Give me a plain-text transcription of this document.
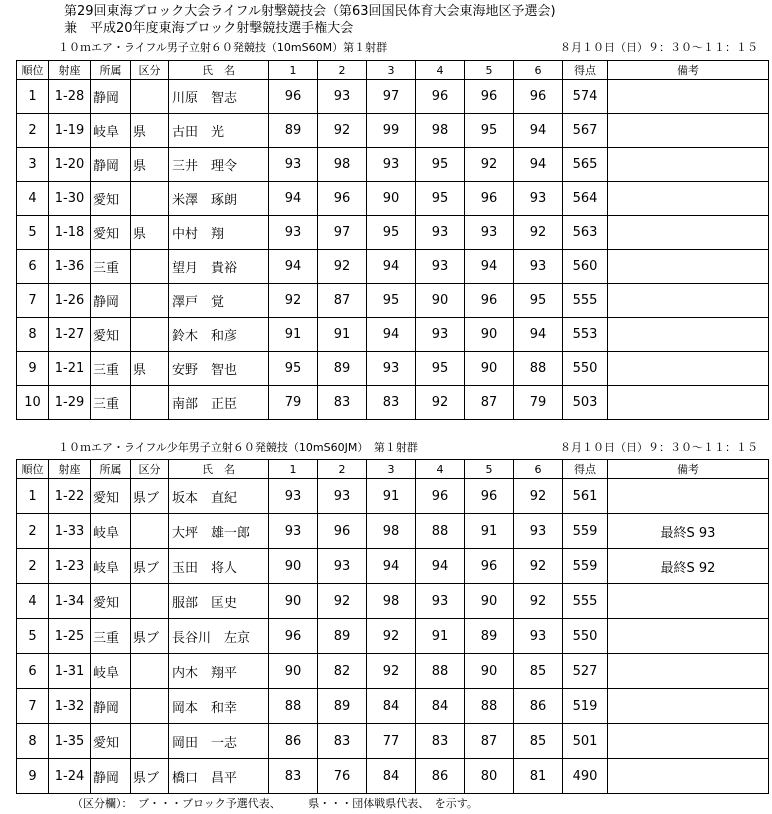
第29回東海ブロック大会ライフル射撃競技会（第63回国民体育大会東海地区予選会)
兼　平成20年度東海ブロック射撃競技選手権大会
１０ｍエア・ライフル男子立射６０発競技（10mS60M）第１射群	８月１０日（日）９：３０～１１：１５
順位	射座	所属	区分	氏　名	1	2	3	4	5	6	得点	備考
1	1-28	静岡		川原　智志	96	93	97	96	96	96	574	
2	1-19	岐阜	県	古田　光	89	92	99	98	95	94	567	
3	1-20	静岡	県	三井　理令	93	98	93	95	92	94	565	
4	1-30	愛知		米澤　琢朗	94	96	90	95	96	93	564	
5	1-18	愛知	県	中村　翔	93	97	95	93	93	92	563	
6	1-36	三重		望月　貴裕	94	92	94	93	94	93	560	
7	1-26	静岡		澤戸　覚	92	87	95	90	96	95	555	
8	1-27	愛知		鈴木　和彦	91	91	94	93	90	94	553	
9	1-21	三重	県	安野　智也	95	89	93	95	90	88	550	
10	1-29	三重		南部　正臣	79	83	83	92	87	79	503	
１０ｍエア・ライフル少年男子立射６０発競技（10mS60JM）　第１射群	８月１０日（日）９：３０～１１：１５
順位	射座	所属	区分	氏　名	1	2	3	4	5	6	得点	備考
1	1-22	愛知	県ブ	坂本　直紀	93	93	91	96	96	92	561	
2	1-33	岐阜		大坪　雄一郎	93	96	98	88	91	93	559	最終S 93
2	1-23	岐阜	県ブ	玉田　将人	90	93	94	94	96	92	559	最終S 92
4	1-34	愛知		服部　匡史	90	92	98	93	90	92	555	
5	1-25	三重	県ブ	長谷川　左京	96	89	92	91	89	93	550	
6	1-31	岐阜		内木　翔平	90	82	92	88	90	85	527	
7	1-32	静岡		岡本　和幸	88	89	84	84	88	86	519	
8	1-35	愛知		岡田　一志	86	83	77	83	87	85	501	
9	1-24	静岡	県ブ	橋口　昌平	83	76	84	86	80	81	490	
（区分欄）：　ブ・・・ブロック予選代表、　　　県・・・団体戦県代表、　を示す。
